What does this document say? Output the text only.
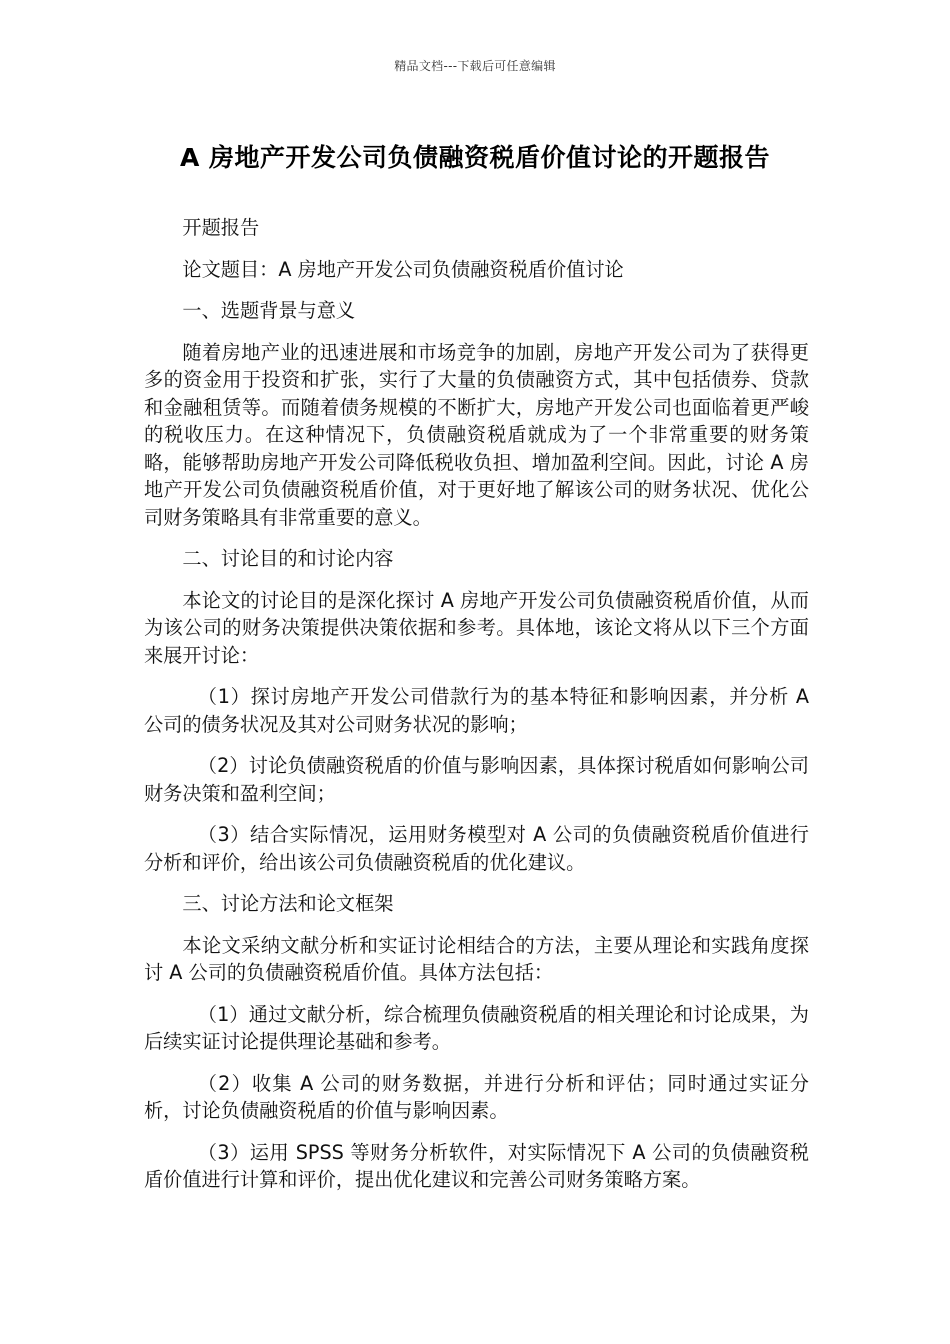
精品文档---下载后可任意编辑
A 房地产开发公司负债融资税盾价值讨论的开题报告

开题报告

论文题目：A 房地产开发公司负债融资税盾价值讨论

一、选题背景与意义

随着房地产业的迅速进展和市场竞争的加剧，房地产开发公司为了获得更多的资金用于投资和扩张，实行了大量的负债融资方式，其中包括债券、贷款和金融租赁等。而随着债务规模的不断扩大，房地产开发公司也面临着更严峻的税收压力。在这种情况下，负债融资税盾就成为了一个非常重要的财务策略，能够帮助房地产开发公司降低税收负担、增加盈利空间。因此，讨论 A 房地产开发公司负债融资税盾价值，对于更好地了解该公司的财务状况、优化公司财务策略具有非常重要的意义。

二、讨论目的和讨论内容

本论文的讨论目的是深化探讨 A 房地产开发公司负债融资税盾价值，从而为该公司的财务决策提供决策依据和参考。具体地，该论文将从以下三个方面来展开讨论：

（1）探讨房地产开发公司借款行为的基本特征和影响因素，并分析 A 公司的债务状况及其对公司财务状况的影响；

（2）讨论负债融资税盾的价值与影响因素，具体探讨税盾如何影响公司财务决策和盈利空间；

（3）结合实际情况，运用财务模型对 A 公司的负债融资税盾价值进行分析和评价，给出该公司负债融资税盾的优化建议。

三、讨论方法和论文框架

本论文采纳文献分析和实证讨论相结合的方法，主要从理论和实践角度探讨 A 公司的负债融资税盾价值。具体方法包括：

（1）通过文献分析，综合梳理负债融资税盾的相关理论和讨论成果，为后续实证讨论提供理论基础和参考。

（2）收集 A 公司的财务数据，并进行分析和评估；同时通过实证分析，讨论负债融资税盾的价值与影响因素。

（3）运用 SPSS 等财务分析软件，对实际情况下 A 公司的负债融资税盾价值进行计算和评价，提出优化建议和完善公司财务策略方案。
